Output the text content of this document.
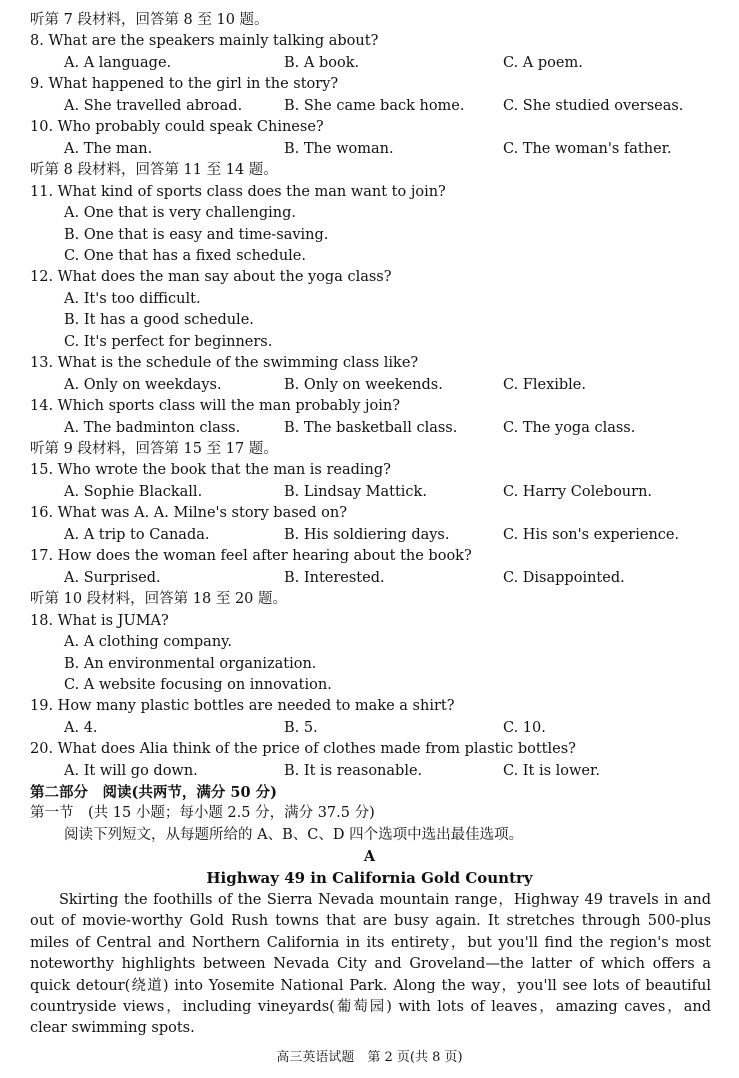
听第 7 段材料，回答第 8 至 10 题。
8. What are the speakers mainly talking about?
A. A language.	B. A book.	C. A poem.
9. What happened to the girl in the story?
A. She travelled abroad.	B. She came back home.	C. She studied overseas.
10. Who probably could speak Chinese?
A. The man.	B. The woman.	C. The woman's father.
听第 8 段材料，回答第 11 至 14 题。
11. What kind of sports class does the man want to join?
A. One that is very challenging.
B. One that is easy and time-saving.
C. One that has a fixed schedule.
12. What does the man say about the yoga class?
A. It's too difficult.
B. It has a good schedule.
C. It's perfect for beginners.
13. What is the schedule of the swimming class like?
A. Only on weekdays.	B. Only on weekends.	C. Flexible.
14. Which sports class will the man probably join?
A. The badminton class.	B. The basketball class.	C. The yoga class.
听第 9 段材料，回答第 15 至 17 题。
15. Who wrote the book that the man is reading?
A. Sophie Blackall.	B. Lindsay Mattick.	C. Harry Colebourn.
16. What was A. A. Milne's story based on?
A. A trip to Canada.	B. His soldiering days.	C. His son's experience.
17. How does the woman feel after hearing about the book?
A. Surprised.	B. Interested.	C. Disappointed.
听第 10 段材料，回答第 18 至 20 题。
18. What is JUMA?
A. A clothing company.
B. An environmental organization.
C. A website focusing on innovation.
19. How many plastic bottles are needed to make a shirt?
A. 4.	B. 5.	C. 10.
20. What does Alia think of the price of clothes made from plastic bottles?
A. It will go down.	B. It is reasonable.	C. It is lower.
第二部分　阅读(共两节，满分 50 分)
第一节　(共 15 小题；每小题 2.5 分，满分 37.5 分)
阅读下列短文，从每题所给的 A、B、C、D 四个选项中选出最佳选项。
A
Highway 49 in California Gold Country
Skirting the foothills of the Sierra Nevada mountain range，Highway 49 travels in and out of movie-worthy Gold Rush towns that are busy again. It stretches through 500-plus miles of Central and Northern California in its entirety，but you'll find the region's most noteworthy highlights between Nevada City and Groveland—the latter of which offers a quick detour(绕道) into Yosemite National Park. Along the way，you'll see lots of beautiful countryside views，including vineyards(葡萄园) with lots of leaves，amazing caves，and clear swimming spots.
高三英语试题　第 2 页(共 8 页)
